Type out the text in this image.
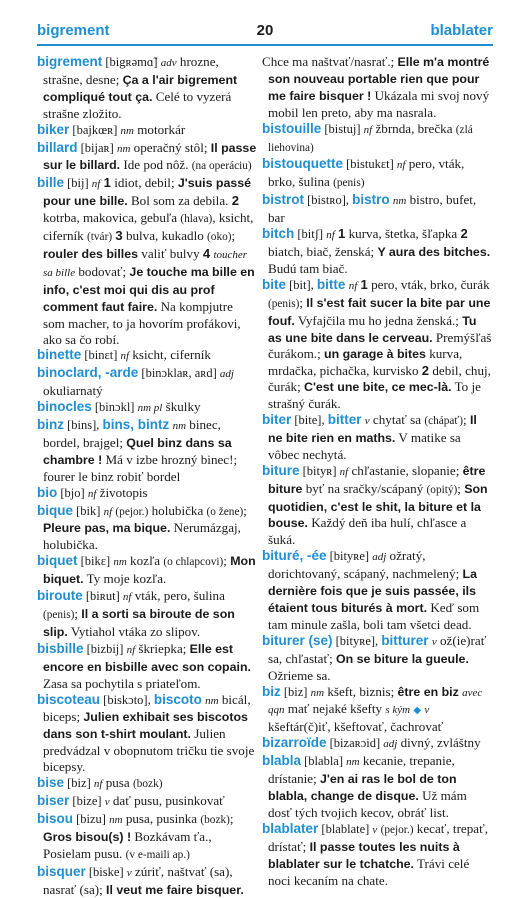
bigrement	20	blablater

bigrement [bigʀəmɑ̃] adv hrozne, strašne, desne; Ça a l'air bigrement compliqué tout ça. Celé to vyzerá strašne zložito.

biker [bajkœʀ] nm motorkár

billard [bijaʀ] nm operačný stôl; Il passe sur le billard. Ide pod nôž. (na operáciu)

bille [bij] nf 1 idiot, debil; J'suis passé pour une bille. Bol som za debila. 2 kotrba, makovica, gebuľa (hlava), ksicht, ciferník (tvár) 3 bulva, kukadlo (oko); rouler des billes valiť bulvy 4 toucher sa bille bodovať; Je touche ma bille en info, c'est moi qui dis au prof comment faut faire. Na kompjutre som macher, to ja hovorím profákovi, ako sa čo robí.

binette [binɛt] nf ksicht, ciferník

binoclard, -arde [binɔklaʀ, aʀd] adj okuliarnatý

binocles [binɔkl] nm pl škulky

binz [bins], bins, bintz nm binec, bordel, brajgel; Quel binz dans sa chambre ! Má v izbe hrozný binec!; fourer le binz robiť bordel

bio [bjo] nf životopis

bique [bik] nf (pejor.) holubička (o žene); Pleure pas, ma bique. Nerumázgaj, holubička.

biquet [bikɛ] nm kozľa (o chlapcovi); Mon biquet. Ty moje kozľa.

biroute [biʀut] nf vták, pero, šulina (penis); Il a sorti sa biroute de son slip. Vytiahol vtáka zo slipov.

bisbille [bizbij] nf škriepka; Elle est encore en bisbille avec son copain. Zasa sa pochytila s priateľom.

biscoteau [biskɔto], biscoto nm bicál, biceps; Julien exhibait ses biscotos dans son t-shirt moulant. Julien predvádzal v obopnutom tričku tie svoje bicepsy.

bise [biz] nf pusa (bozk)

biser [bize] v dať pusu, pusinkovať

bisou [bizu] nm pusa, pusinka (bozk); Gros bisou(s) ! Bozkávam ťa., Posielam pusu. (v e-maili ap.)

bisquer [biske] v zúriť, naštvať (sa), nasrať (sa); Il veut me faire bisquer.

Chce ma naštvať/nasrať.; Elle m'a montré son nouveau portable rien que pour me faire bisquer ! Ukázala mi svoj nový mobil len preto, aby ma nasrala.

bistouille [bistuj] nf žbrnda, brečka (zlá liehovina)

bistouquette [bistukɛt] nf pero, vták, brko, šulina (penis)

bistrot [bistʀo], bistro nm bistro, bufet, bar

bitch [bitʃ] nf 1 kurva, štetka, šľapka 2 biatch, biač, ženská; Y aura des bitches. Budú tam biač.

bite [bit], bitte nf 1 pero, vták, brko, čurák (penis); Il s'est fait sucer la bite par une fouf. Vyfajčila mu ho jedna ženská.; Tu as une bite dans le cerveau. Premýšľaš čurákom.; un garage à bites kurva, mrdačka, pichačka, kurvisko 2 debil, chuj, čurák; C'est une bite, ce mec-là. To je strašný čurák.

biter [bite], bitter v chytať sa (chápať); Il ne bite rien en maths. V matike sa vôbec nechytá.

biture [bityʀ] nf chľastanie, slopanie; être biture byť na sračky/scápaný (opitý); Son quotidien, c'est le shit, la biture et la bouse. Každý deň iba hulí, chľasce a šuká.

bituré, -ée [bityʀe] adj ožratý, dorichtovaný, scápaný, nachmelený; La dernière fois que je suis passée, ils étaient tous biturés à mort. Keď som tam minule zašla, boli tam všetci dead.

biturer (se) [bityʀe], bitturer v ož(ie)rať sa, chľastať; On se biture la gueule. Ožrieme sa.

biz [biz] nm kšeft, biznis; être en biz avec qqn mať nejaké kšefty s kým ◆ v kšeftár(č)iť, kšeftovať, čachrovať

bizarroïde [bizaʀɔid] adj divný, zvláštny

blabla [blabla] nm kecanie, trepanie, drístanie; J'en ai ras le bol de ton blabla, change de disque. Už mám dosť tých tvojich kecov, obráť list.

blablater [blablate] v (pejor.) kecať, trepať, drístať; Il passe toutes les nuits à blablater sur le tchatche. Trávi celé noci kecaním na chate.
